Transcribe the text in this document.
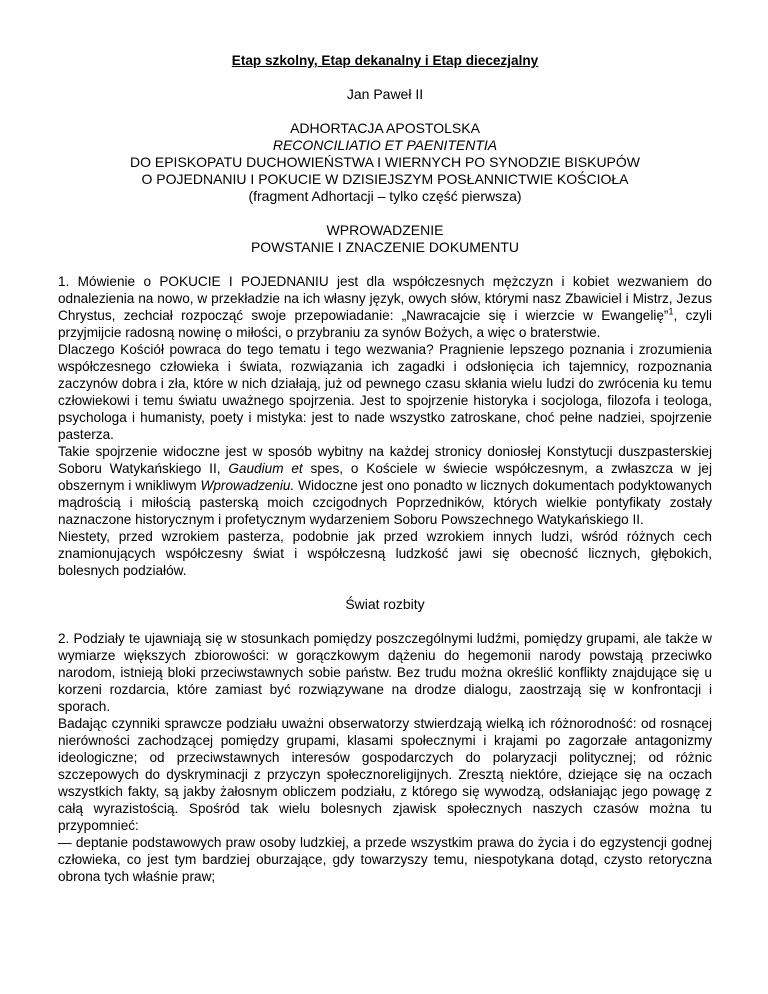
Etap szkolny, Etap dekanalny i Etap diecezjalny
Jan Paweł II
ADHORTACJA APOSTOLSKA
RECONCILIATIO ET PAENITENTIA
DO EPISKOPATU DUCHOWIEŃSTWA I WIERNYCH PO SYNODZIE BISKUPÓW
O POJEDNANIU I POKUCIE W DZISIEJSZYM POSŁANNICTWIE KOŚCIOŁA
(fragment Adhortacji – tylko część pierwsza)
WPROWADZENIE
POWSTANIE I ZNACZENIE DOKUMENTU

1. Mówienie o POKUCIE I POJEDNANIU jest dla współczesnych mężczyzn i kobiet wezwaniem do odnalezienia na nowo, w przekładzie na ich własny język, owych słów, którymi nasz Zbawiciel i Mistrz, Jezus Chrystus, zechciał rozpocząć swoje przepowiadanie: „Nawracajcie się i wierzcie w Ewangelię”$^1$, czyli przyjmijcie radosną nowinę o miłości, o przybraniu za synów Bożych, a więc o braterstwie.

Dlaczego Kościół powraca do tego tematu i tego wezwania? Pragnienie lepszego poznania i zrozumienia współczesnego człowieka i świata, rozwiązania ich zagadki i odsłonięcia ich tajemnicy, rozpoznania zaczynów dobra i zła, które w nich działają, już od pewnego czasu skłania wielu ludzi do zwrócenia ku temu człowiekowi i temu światu uważnego spojrzenia. Jest to spojrzenie historyka i socjologa, filozofa i teologa, psychologa i humanisty, poety i mistyka: jest to nade wszystko zatroskane, choć pełne nadziei, spojrzenie pasterza.

Takie spojrzenie widoczne jest w sposób wybitny na każdej stronicy doniosłej Konstytucji duszpasterskiej Soboru Watykańskiego II, Gaudium et spes, o Kościele w świecie współczesnym, a zwłaszcza w jej obszernym i wnikliwym Wprowadzeniu. Widoczne jest ono ponadto w licznych dokumentach podyktowanych mądrością i miłością pasterską moich czcigodnych Poprzedników, których wielkie pontyfikaty zostały naznaczone historycznym i profetycznym wydarzeniem Soboru Powszechnego Watykańskiego II.

Niestety, przed wzrokiem pasterza, podobnie jak przed wzrokiem innych ludzi, wśród różnych cech znamionujących współczesny świat i współczesną ludzkość jawi się obecność licznych, głębokich, bolesnych podziałów.

Świat rozbity

2. Podziały te ujawniają się w stosunkach pomiędzy poszczególnymi ludźmi, pomiędzy grupami, ale także w wymiarze większych zbiorowości: w gorączkowym dążeniu do hegemonii narody powstają przeciwko narodom, istnieją bloki przeciwstawnych sobie państw. Bez trudu można określić konflikty znajdujące się u korzeni rozdarcia, które zamiast być rozwiązywane na drodze dialogu, zaostrzają się w konfrontacji i sporach.

Badając czynniki sprawcze podziału uważni obserwatorzy stwierdzają wielką ich różnorodność: od rosnącej nierówności zachodzącej pomiędzy grupami, klasami społecznymi i krajami po zagorzałe antagonizmy ideologiczne; od przeciwstawnych interesów gospodarczych do polaryzacji politycznej; od różnic szczepowych do dyskryminacji z przyczyn społecznoreligijnych. Zresztą niektóre, dziejące się na oczach wszystkich fakty, są jakby żałosnym obliczem podziału, z którego się wywodzą, odsłaniając jego powagę z całą wyrazistością. Spośród tak wielu bolesnych zjawisk społecznych naszych czasów można tu przypomnieć:

— deptanie podstawowych praw osoby ludzkiej, a przede wszystkim prawa do życia i do egzystencji godnej człowieka, co jest tym bardziej oburzające, gdy towarzyszy temu, niespotykana dotąd, czysto retoryczna obrona tych właśnie praw;
